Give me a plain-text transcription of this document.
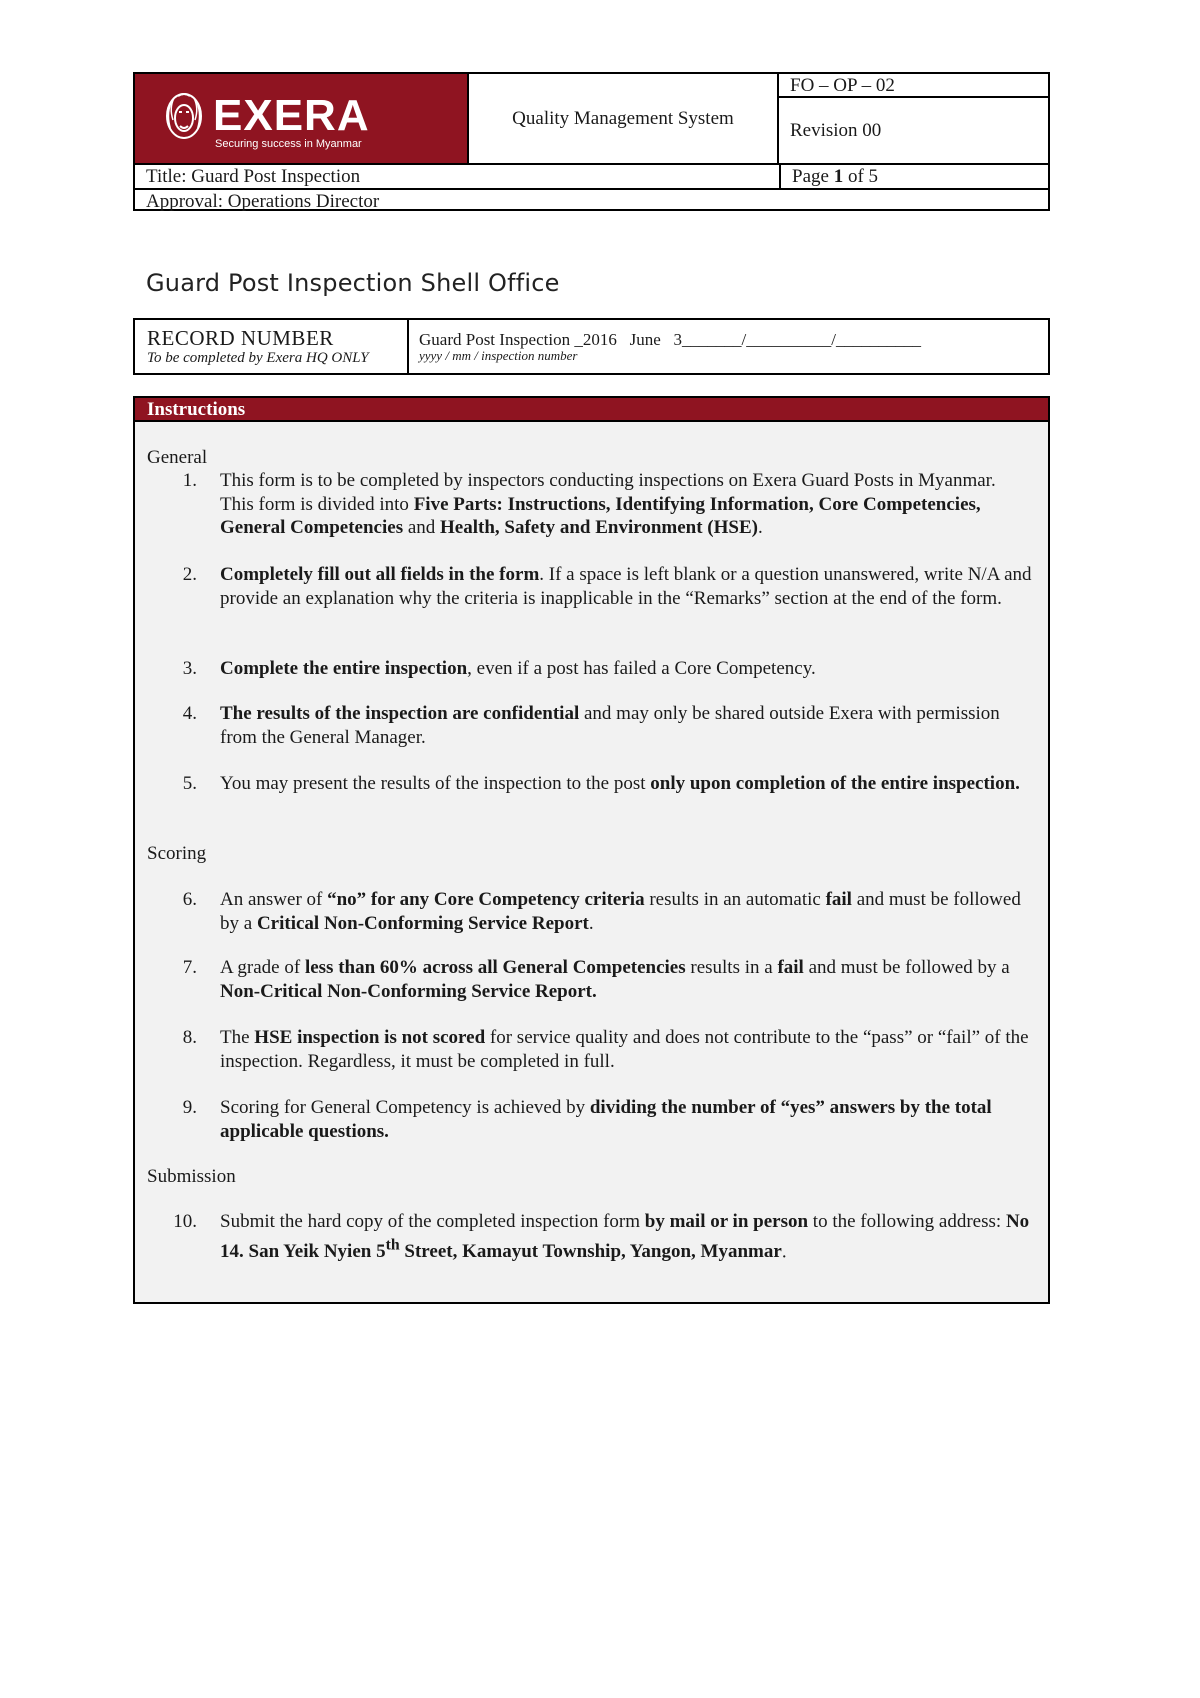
EXERA
Securing success in Myanmar
Quality Management System
FO – OP – 02
Revision 00
Title: Guard Post Inspection	Page 1 of 5
Approval: Operations Director
Guard Post Inspection Shell Office
RECORD NUMBER
To be completed by Exera HQ ONLY
Guard Post Inspection _2016   June   3_______/__________/__________
yyyy / mm / inspection number
Instructions
General
1. This form is to be completed by inspectors conducting inspections on Exera Guard Posts in Myanmar. This form is divided into Five Parts: Instructions, Identifying Information, Core Competencies, General Competencies and Health, Safety and Environment (HSE).
2. Completely fill out all fields in the form. If a space is left blank or a question unanswered, write N/A and provide an explanation why the criteria is inapplicable in the “Remarks” section at the end of the form.
3. Complete the entire inspection, even if a post has failed a Core Competency.
4. The results of the inspection are confidential and may only be shared outside Exera with permission from the General Manager.
5. You may present the results of the inspection to the post only upon completion of the entire inspection.
Scoring
6. An answer of “no” for any Core Competency criteria results in an automatic fail and must be followed by a Critical Non-Conforming Service Report.
7. A grade of less than 60% across all General Competencies results in a fail and must be followed by a Non-Critical Non-Conforming Service Report.
8. The HSE inspection is not scored for service quality and does not contribute to the “pass” or “fail” of the inspection. Regardless, it must be completed in full.
9. Scoring for General Competency is achieved by dividing the number of “yes” answers by the total applicable questions.
Submission
10. Submit the hard copy of the completed inspection form by mail or in person to the following address: No 14. San Yeik Nyien 5th Street, Kamayut Township, Yangon, Myanmar.
